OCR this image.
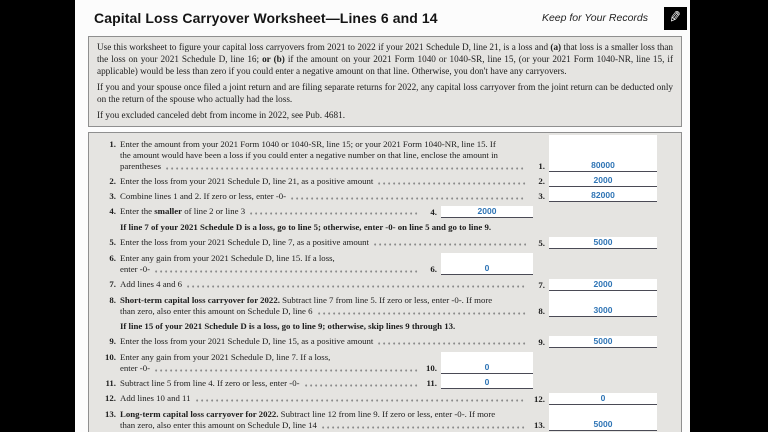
Capital Loss Carryover Worksheet—Lines 6 and 14	Keep for Your Records ✎

Use this worksheet to figure your capital loss carryovers from 2021 to 2022 if your 2021 Schedule D, line 21, is a loss and (a) that loss is a smaller loss than the loss on your 2021 Schedule D, line 16; or (b) if the amount on your 2021 Form 1040 or 1040-SR, line 15, (or your 2021 Form 1040-NR, line 15, if applicable) would be less than zero if you could enter a negative amount on that line. Otherwise, you don't have any carryovers.

If you and your spouse once filed a joint return and are filing separate returns for 2022, any capital loss carryover from the joint return can be deducted only on the return of the spouse who actually had the loss.

If you excluded canceled debt from income in 2022, see Pub. 4681.

1. Enter the amount from your 2021 Form 1040 or 1040-SR, line 15; or your 2021 Form 1040-NR, line 15. If
the amount would have been a loss if you could enter a negative number on that line, enclose the amount in
parentheses	1.	80000
2. Enter the loss from your 2021 Schedule D, line 21, as a positive amount	2.	2000
3. Combine lines 1 and 2. If zero or less, enter -0-	3.	82000
4. Enter the smaller of line 2 or line 3	4.	2000
If line 7 of your 2021 Schedule D is a loss, go to line 5; otherwise, enter -0- on line 5 and go to line 9.
5. Enter the loss from your 2021 Schedule D, line 7, as a positive amount	5.	5000
6. Enter any gain from your 2021 Schedule D, line 15. If a loss,
enter -0-	6.	0
7. Add lines 4 and 6	7.	2000
8. Short-term capital loss carryover for 2022. Subtract line 7 from line 5. If zero or less, enter -0-. If more
than zero, also enter this amount on Schedule D, line 6	8.	3000
If line 15 of your 2021 Schedule D is a loss, go to line 9; otherwise, skip lines 9 through 13.
9. Enter the loss from your 2021 Schedule D, line 15, as a positive amount	9.	5000
10. Enter any gain from your 2021 Schedule D, line 7. If a loss,
enter -0-	10.	0
11. Subtract line 5 from line 4. If zero or less, enter -0-	11.	0
12. Add lines 10 and 11	12.	0
13. Long-term capital loss carryover for 2022. Subtract line 12 from line 9. If zero or less, enter -0-. If more
than zero, also enter this amount on Schedule D, line 14	13.	5000
